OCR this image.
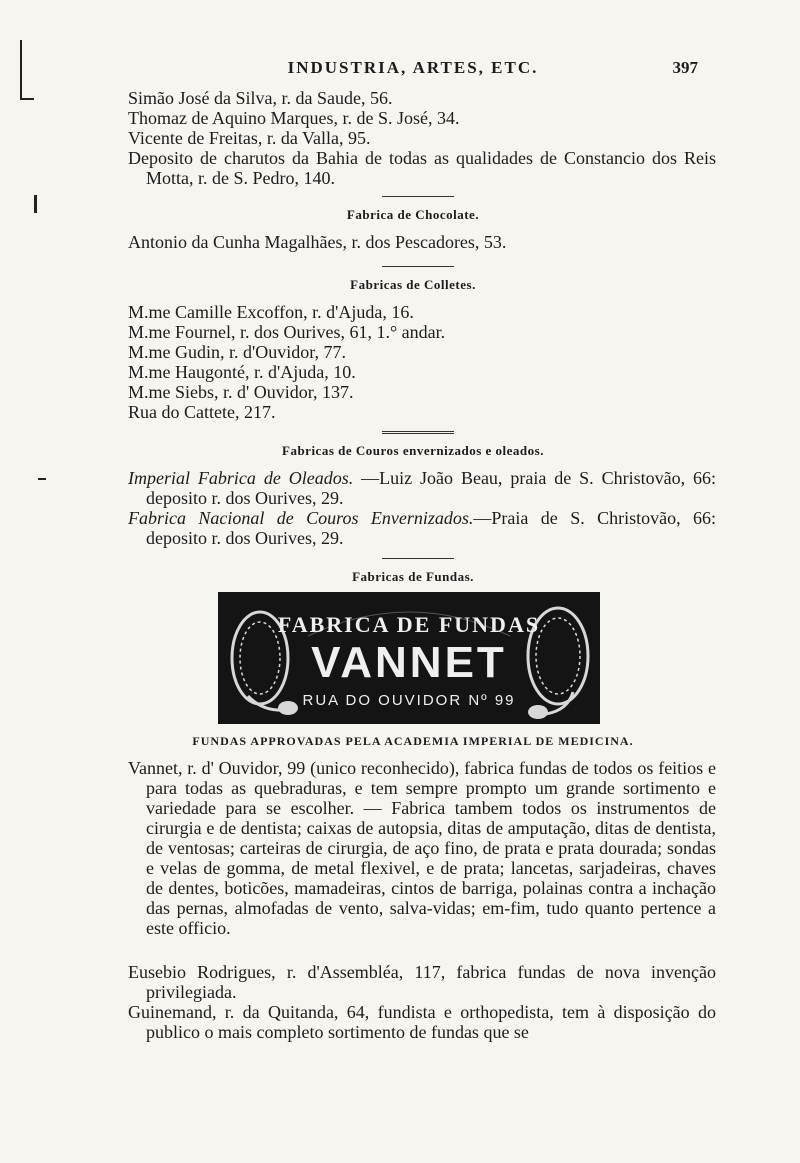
INDUSTRIA, ARTES, ETC.	397
Simão José da Silva, r. da Saude, 56.
Thomaz de Aquino Marques, r. de S. José, 34.
Vicente de Freitas, r. da Valla, 95.
Deposito de charutos da Bahia de todas as qualidades de Constancio dos Reis Motta, r. de S. Pedro, 140.
Fabrica de Chocolate.
Antonio da Cunha Magalhães, r. dos Pescadores, 53.
Fabricas de Colletes.
M.me Camille Excoffon, r. d'Ajuda, 16.
M.me Fournel, r. dos Ourives, 61, 1.° andar.
M.me Gudin, r. d'Ouvidor, 77.
M.me Haugonté, r. d'Ajuda, 10.
M.me Siebs, r. d' Ouvidor, 137.
Rua do Cattete, 217.
Fabricas de Couros envernizados e oleados.
Imperial Fabrica de Oleados. —Luiz João Beau, praia de S. Christovão, 66: deposito r. dos Ourives, 29.
Fabrica Nacional de Couros Envernizados.—Praia de S. Christovão, 66: deposito r. dos Ourives, 29.
Fabricas de Fundas.
FABRICA DE FUNDAS
VANNET
RUA DO OUVIDOR Nº 99
FUNDAS APPROVADAS PELA ACADEMIA IMPERIAL DE MEDICINA.
Vannet, r. d' Ouvidor, 99 (unico reconhecido), fabrica fundas de todos os feitios e para todas as quebraduras, e tem sempre prompto um grande sortimento e variedade para se escolher. — Fabrica tambem todos os instrumentos de cirurgia e de dentista; caixas de autopsia, ditas de amputação, ditas de dentista, de ventosas; carteiras de cirurgia, de aço fino, de prata e prata dourada; sondas e velas de gomma, de metal flexivel, e de prata; lancetas, sarjadeiras, chaves de dentes, boticões, mamadeiras, cintos de barriga, polainas contra a inchação das pernas, almofadas de vento, salva-vidas; em-fim, tudo quanto pertence a este officio.
Eusebio Rodrigues, r. d'Assembléa, 117, fabrica fundas de nova invenção privilegiada.
Guinemand, r. da Quitanda, 64, fundista e orthopedista, tem à disposição do publico o mais completo sortimento de fundas que se
